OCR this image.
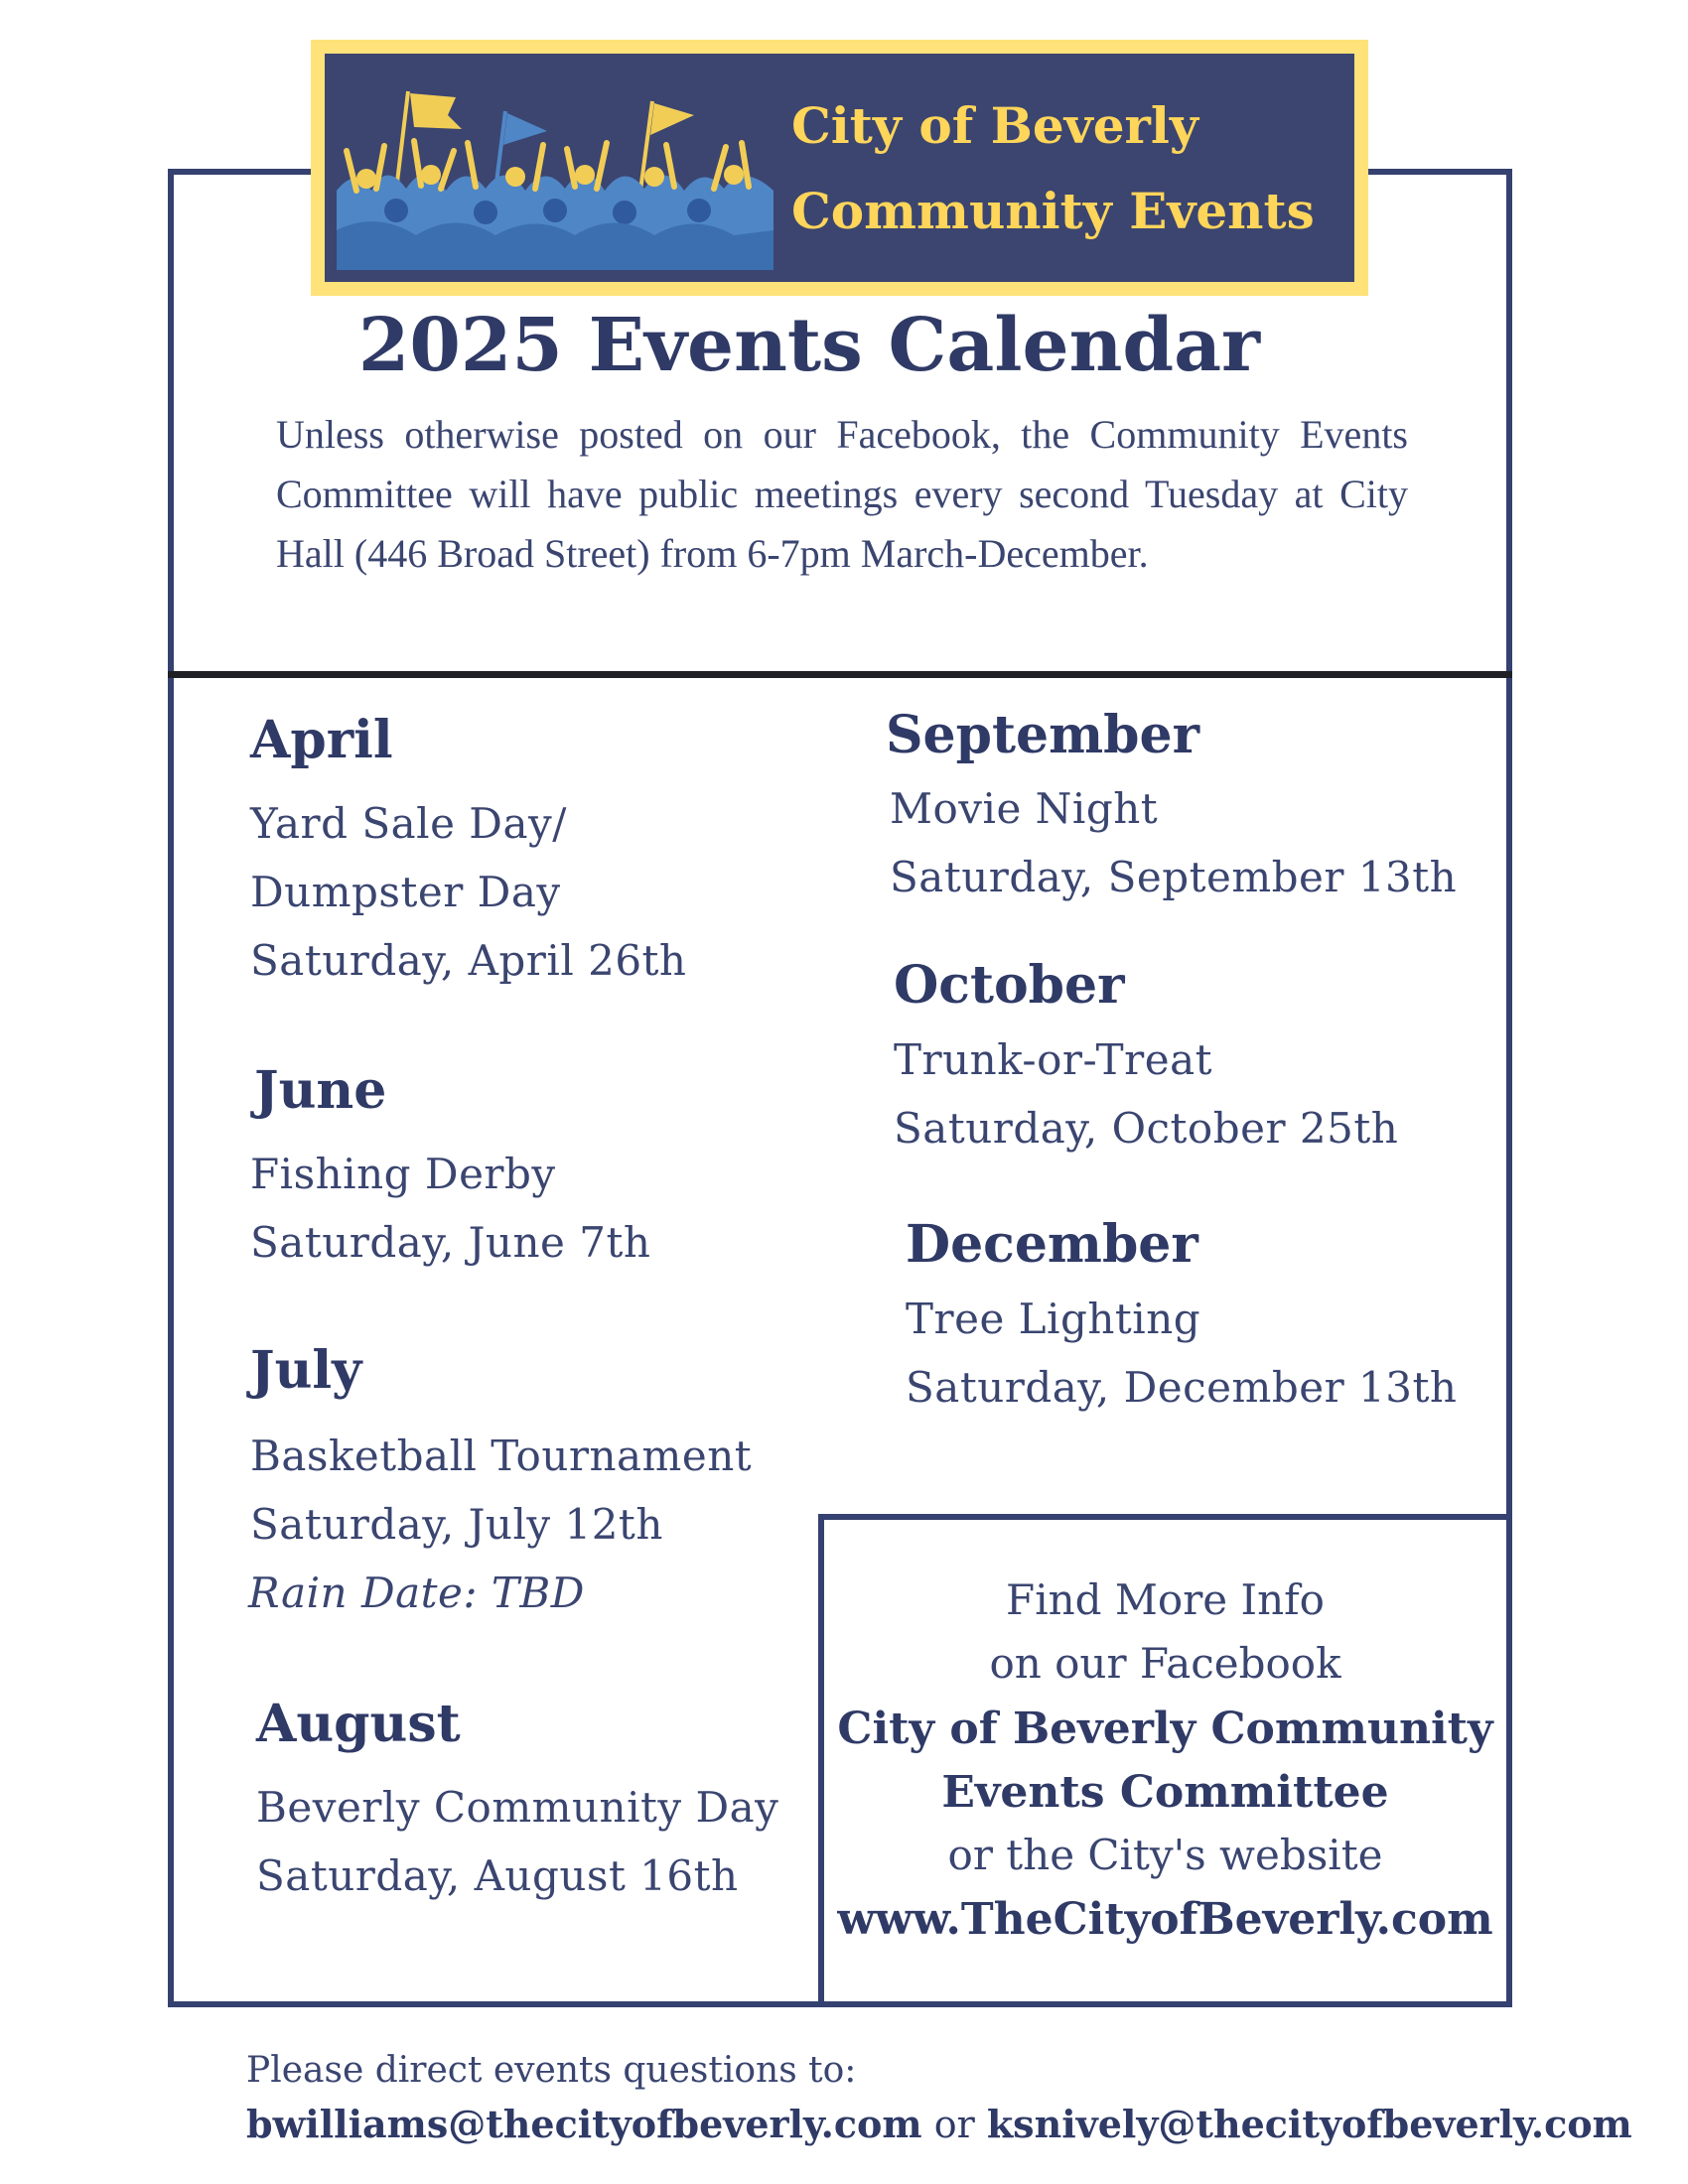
City of Beverly
Community Events
2025 Events Calendar
Unless otherwise posted on our Facebook, the Community Events Committee will have public meetings every second Tuesday at City Hall (446 Broad Street) from 6-7pm March-December.
April
Yard Sale Day/
Dumpster Day
Saturday, April 26th
June
Fishing Derby
Saturday, June 7th
July
Basketball Tournament
Saturday, July 12th
Rain Date: TBD
August
Beverly Community Day
Saturday, August 16th
September
Movie Night
Saturday, September 13th
October
Trunk-or-Treat
Saturday, October 25th
December
Tree Lighting
Saturday, December 13th
Find More Info
on our Facebook
City of Beverly Community
Events Committee
or the City's website
www.TheCityofBeverly.com
Please direct events questions to:
bwilliams@thecityofbeverly.com or ksnively@thecityofbeverly.com
